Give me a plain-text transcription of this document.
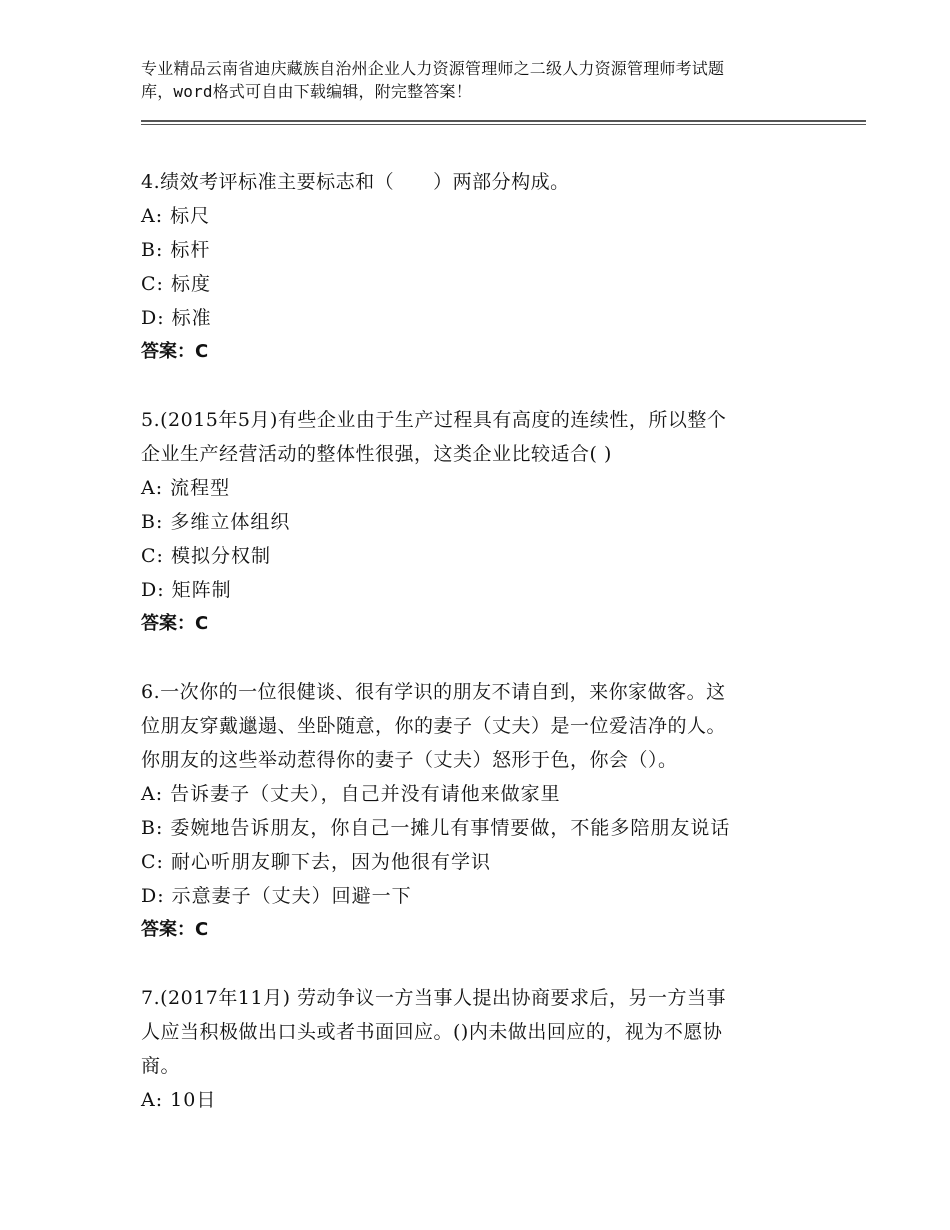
专业精品云南省迪庆藏族自治州企业人力资源管理师之二级人力资源管理师考试题
库，word格式可自由下载编辑，附完整答案！

4.绩效考评标准主要标志和（　　）两部分构成。

A: 标尺

B: 标杆

C: 标度

D: 标准

答案：C

5.(2015年5月)有些企业由于生产过程具有高度的连续性，所以整个

企业生产经营活动的整体性很强，这类企业比较适合( )

A: 流程型

B: 多维立体组织

C: 模拟分权制

D: 矩阵制

答案：C

6.一次你的一位很健谈、很有学识的朋友不请自到，来你家做客。这

位朋友穿戴邋遢、坐卧随意，你的妻子（丈夫）是一位爱洁净的人。

你朋友的这些举动惹得你的妻子（丈夫）怒形于色，你会（）。

A: 告诉妻子（丈夫），自己并没有请他来做家里

B: 委婉地告诉朋友，你自己一摊儿有事情要做，不能多陪朋友说话

C: 耐心听朋友聊下去，因为他很有学识

D: 示意妻子（丈夫）回避一下

答案：C

7.(2017年11月) 劳动争议一方当事人提出协商要求后，另一方当事

人应当积极做出口头或者书面回应。()内未做出回应的，视为不愿协

商。

A: 10日
